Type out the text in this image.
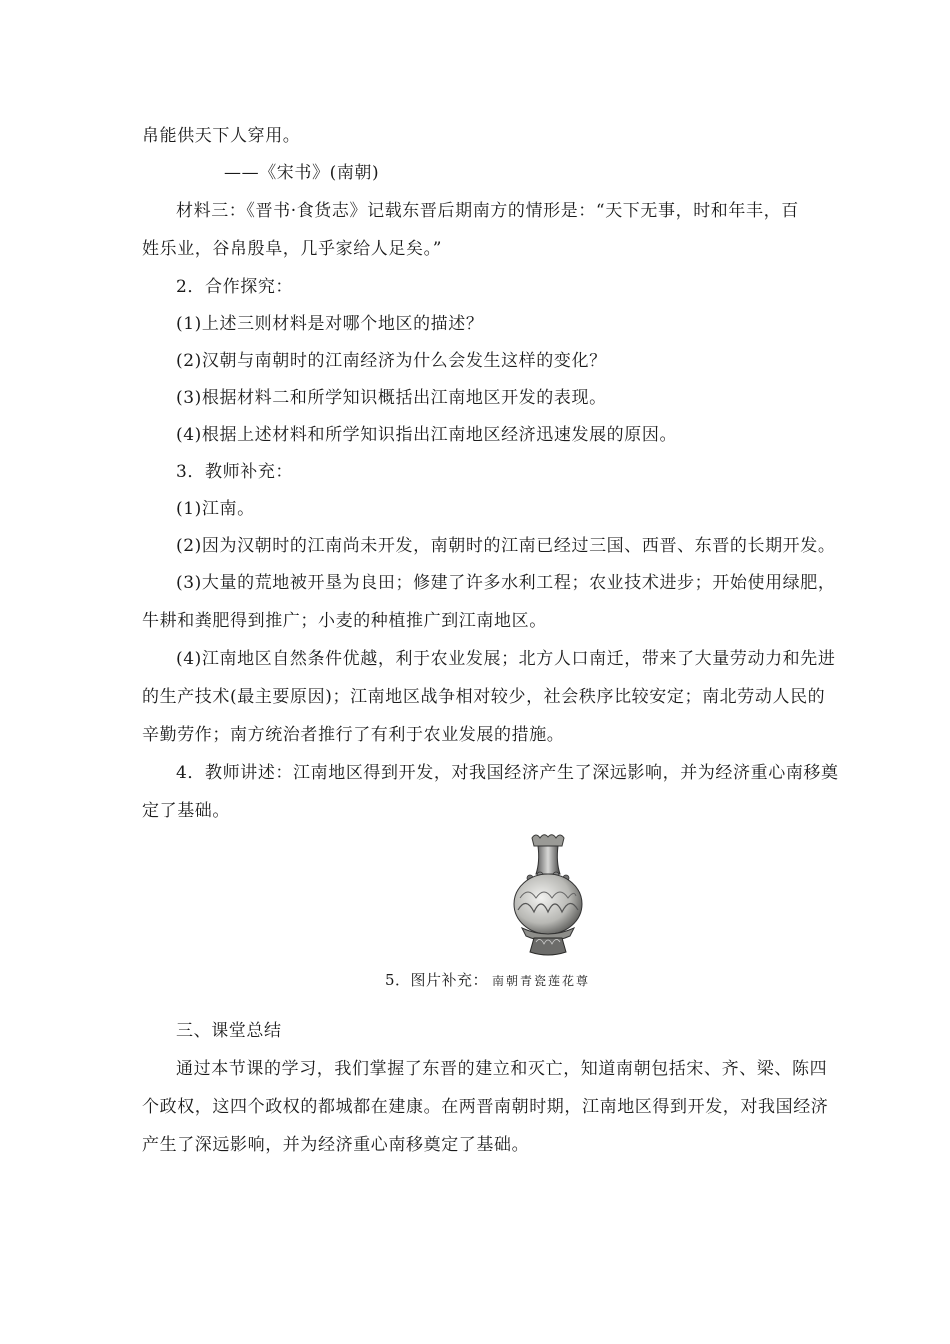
帛能供天下人穿用。
——《宋书》(南朝)
材料三：《晋书·食货志》记载东晋后期南方的情形是：“天下无事，时和年丰，百
姓乐业，谷帛殷阜，几乎家给人足矣。”
2．合作探究：
(1)上述三则材料是对哪个地区的描述？
(2)汉朝与南朝时的江南经济为什么会发生这样的变化？
(3)根据材料二和所学知识概括出江南地区开发的表现。
(4)根据上述材料和所学知识指出江南地区经济迅速发展的原因。
3．教师补充：
(1)江南。
(2)因为汉朝时的江南尚未开发，南朝时的江南已经过三国、西晋、东晋的长期开发。
(3)大量的荒地被开垦为良田；修建了许多水利工程；农业技术进步；开始使用绿肥，
牛耕和粪肥得到推广；小麦的种植推广到江南地区。
(4)江南地区自然条件优越，利于农业发展；北方人口南迁，带来了大量劳动力和先进
的生产技术(最主要原因)；江南地区战争相对较少，社会秩序比较安定；南北劳动人民的
辛勤劳作；南方统治者推行了有利于农业发展的措施。
4．教师讲述：江南地区得到开发，对我国经济产生了深远影响，并为经济重心南移奠
定了基础。
5．图片补充： 南朝青瓷莲花尊
三、课堂总结
通过本节课的学习，我们掌握了东晋的建立和灭亡，知道南朝包括宋、齐、梁、陈四
个政权，这四个政权的都城都在建康。在两晋南朝时期，江南地区得到开发，对我国经济
产生了深远影响，并为经济重心南移奠定了基础。
